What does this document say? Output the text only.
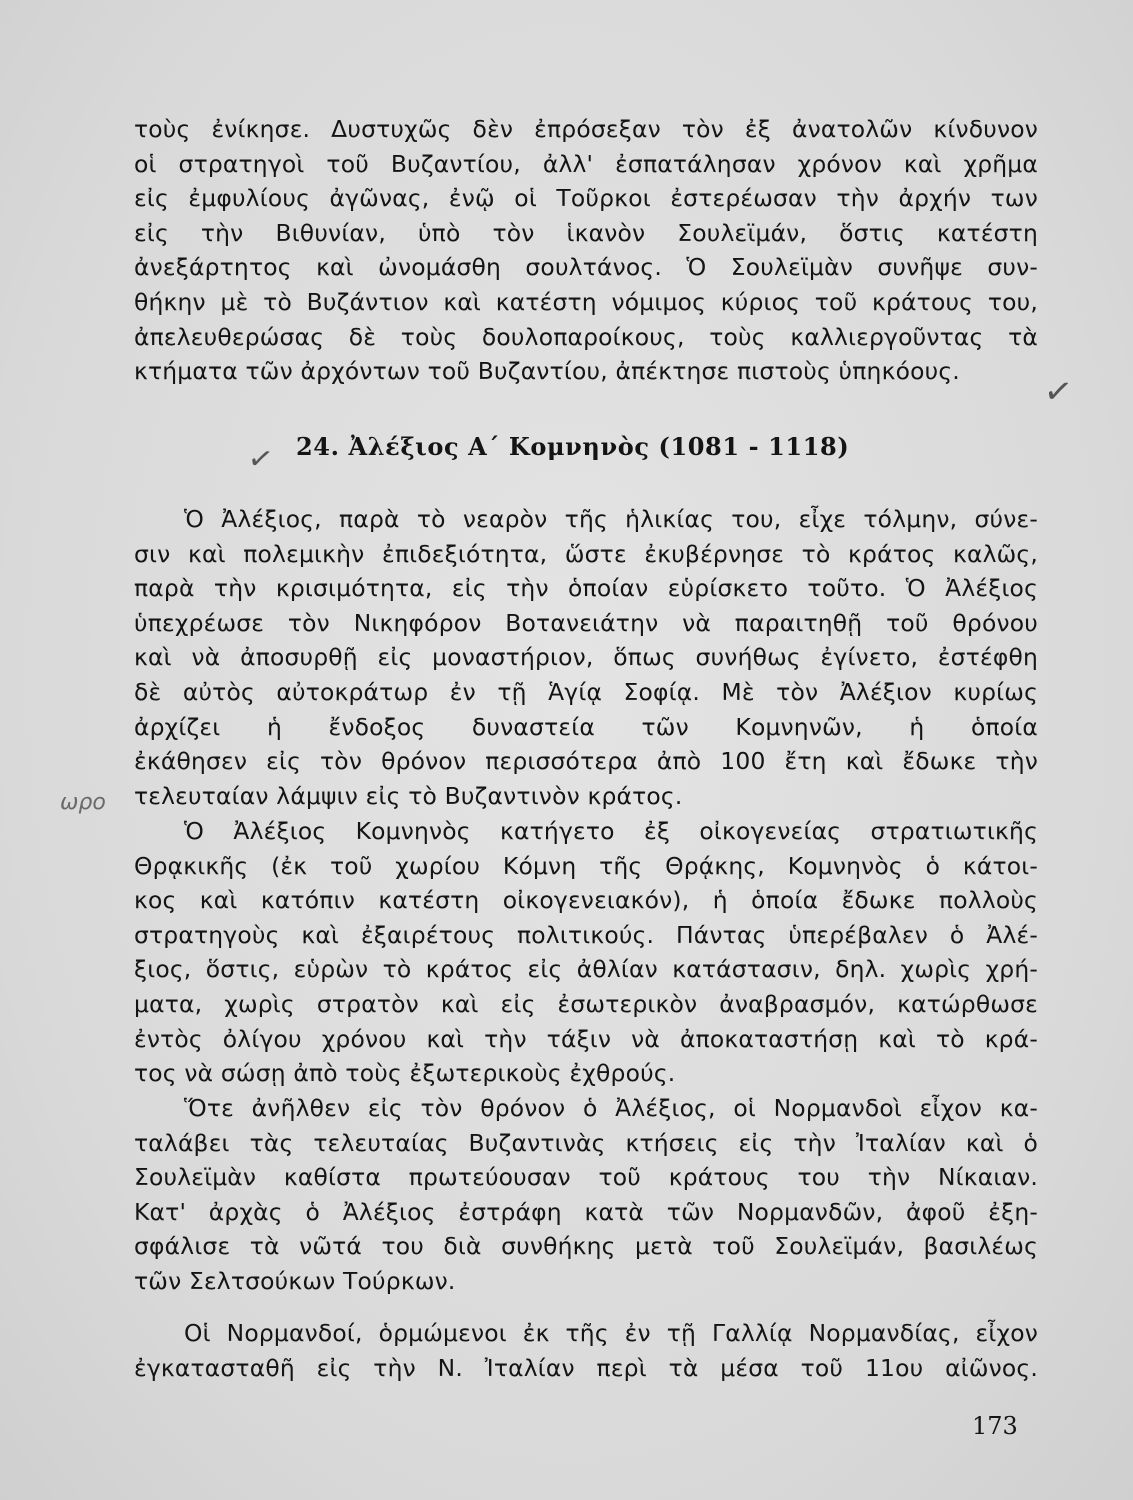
τοὺς ἐνίκησε. Δυστυχῶς δὲν ἐπρόσεξαν τὸν ἐξ ἀνατολῶν κίνδυνον
οἱ στρατηγοὶ τοῦ Βυζαντίου, ἀλλ' ἐσπατάλησαν χρόνον καὶ χρῆμα
εἰς ἐμφυλίους ἀγῶνας, ἐνῷ οἱ Τοῦρκοι ἐστερέωσαν τὴν ἀρχήν των
εἰς τὴν Βιθυνίαν, ὑπὸ τὸν ἱκανὸν Σουλεϊμάν, ὅστις κατέστη
ἀνεξάρτητος καὶ ὠνομάσθη σουλτάνος. Ὁ Σουλεϊμὰν συνῆψε συν-
θήκην μὲ τὸ Βυζάντιον καὶ κατέστη νόμιμος κύριος τοῦ κράτους του,
ἀπελευθερώσας δὲ τοὺς δουλοπαροίκους, τοὺς καλλιεργοῦντας τὰ
κτήματα τῶν ἀρχόντων τοῦ Βυζαντίου, ἀπέκτησε πιστοὺς ὑπηκόους.
24. Ἀλέξιος Α΄ Κομνηνὸς (1081 - 1118)
Ὁ Ἀλέξιος, παρὰ τὸ νεαρὸν τῆς ἡλικίας του, εἶχε τόλμην, σύνε-
σιν καὶ πολεμικὴν ἐπιδεξιότητα, ὥστε ἐκυβέρνησε τὸ κράτος καλῶς,
παρὰ τὴν κρισιμότητα, εἰς τὴν ὁποίαν εὑρίσκετο τοῦτο. Ὁ Ἀλέξιος
ὑπεχρέωσε τὸν Νικηφόρον Βοτανειάτην νὰ παραιτηθῇ τοῦ θρόνου
καὶ νὰ ἀποσυρθῇ εἰς μοναστήριον, ὅπως συνήθως ἐγίνετο, ἐστέφθη
δὲ αὐτὸς αὐτοκράτωρ ἐν τῇ Ἁγίᾳ Σοφίᾳ. Μὲ τὸν Ἀλέξιον κυρίως
ἀρχίζει ἡ ἔνδοξος δυναστεία τῶν Κομνηνῶν, ἡ ὁποία
ἐκάθησεν εἰς τὸν θρόνον περισσότερα ἀπὸ 100 ἔτη καὶ ἔδωκε τὴν
τελευταίαν λάμψιν εἰς τὸ Βυζαντινὸν κράτος.
Ὁ Ἀλέξιος Κομνηνὸς κατήγετο ἐξ οἰκογενείας στρατιωτικῆς
Θρᾳκικῆς (ἐκ τοῦ χωρίου Κόμνη τῆς Θρᾴκης, Κομνηνὸς ὁ κάτοι-
κος καὶ κατόπιν κατέστη οἰκογενειακόν), ἡ ὁποία ἔδωκε πολλοὺς
στρατηγοὺς καὶ ἐξαιρέτους πολιτικούς. Πάντας ὑπερέβαλεν ὁ Ἀλέ-
ξιος, ὅστις, εὑρὼν τὸ κράτος εἰς ἀθλίαν κατάστασιν, δηλ. χωρὶς χρή-
ματα, χωρὶς στρατὸν καὶ εἰς ἐσωτερικὸν ἀναβρασμόν, κατώρθωσε
ἐντὸς ὀλίγου χρόνου καὶ τὴν τάξιν νὰ ἀποκαταστήσῃ καὶ τὸ κρά-
τος νὰ σώσῃ ἀπὸ τοὺς ἐξωτερικοὺς ἐχθρούς.
Ὅτε ἀνῆλθεν εἰς τὸν θρόνον ὁ Ἀλέξιος, οἱ Νορμανδοὶ εἶχον κα-
ταλάβει τὰς τελευταίας Βυζαντινὰς κτήσεις εἰς τὴν Ἰταλίαν καὶ ὁ
Σουλεϊμὰν καθίστα πρωτεύουσαν τοῦ κράτους του τὴν Νίκαιαν.
Κατ' ἀρχὰς ὁ Ἀλέξιος ἐστράφη κατὰ τῶν Νορμανδῶν, ἀφοῦ ἐξη-
σφάλισε τὰ νῶτά του διὰ συνθήκης μετὰ τοῦ Σουλεϊμάν, βασιλέως
τῶν Σελτσούκων Τούρκων.
Οἱ Νορμανδοί, ὁρμώμενοι ἐκ τῆς ἐν τῇ Γαλλίᾳ Νορμανδίας, εἶχον
ἐγκατασταθῆ εἰς τὴν Ν. Ἰταλίαν περὶ τὰ μέσα τοῦ 11ου αἰῶνος.
173
✓
✓
ωρο
